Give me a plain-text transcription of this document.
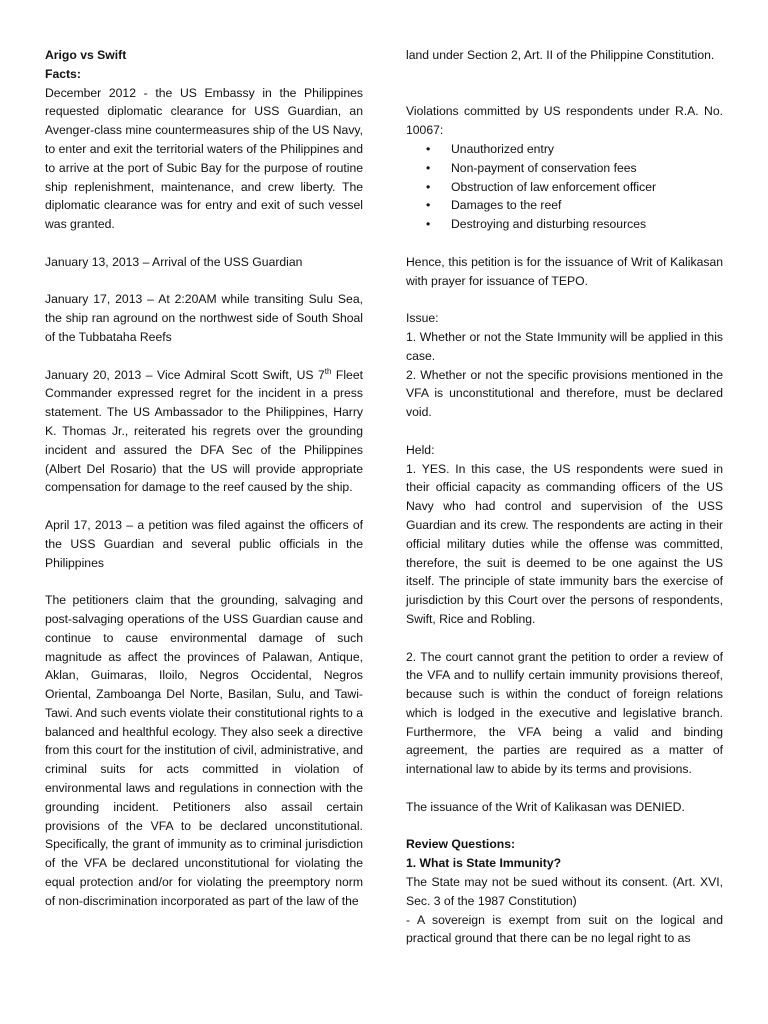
Arigo vs Swift

Facts:

December 2012 - the US Embassy in the Philippines requested diplomatic clearance for USS Guardian, an Avenger-class mine countermeasures ship of the US Navy, to enter and exit the territorial waters of the Philippines and to arrive at the port of Subic Bay for the purpose of routine ship replenishment, maintenance, and crew liberty. The diplomatic clearance was for entry and exit of such vessel was granted.

January 13, 2013 – Arrival of the USS Guardian

January 17, 2013 – At 2:20AM while transiting Sulu Sea, the ship ran aground on the northwest side of South Shoal of the Tubbataha Reefs

January 20, 2013 – Vice Admiral Scott Swift, US 7th Fleet Commander expressed regret for the incident in a press statement. The US Ambassador to the Philippines, Harry K. Thomas Jr., reiterated his regrets over the grounding incident and assured the DFA Sec of the Philippines (Albert Del Rosario) that the US will provide appropriate compensation for damage to the reef caused by the ship.

April 17, 2013 – a petition was filed against the officers of the USS Guardian and several public officials in the Philippines

The petitioners claim that the grounding, salvaging and post-salvaging operations of the USS Guardian cause and continue to cause environmental damage of such magnitude as affect the provinces of Palawan, Antique, Aklan, Guimaras, Iloilo, Negros Occidental, Negros Oriental, Zamboanga Del Norte, Basilan, Sulu, and Tawi-Tawi. And such events violate their constitutional rights to a balanced and healthful ecology. They also seek a directive from this court for the institution of civil, administrative, and criminal suits for acts committed in violation of environmental laws and regulations in connection with the grounding incident. Petitioners also assail certain provisions of the VFA to be declared unconstitutional. Specifically, the grant of immunity as to criminal jurisdiction of the VFA be declared unconstitutional for violating the equal protection and/or for violating the preemptory norm of non-discrimination incorporated as part of the law of the

land under Section 2, Art. II of the Philippine Constitution.

Violations committed by US respondents under R.A. No. 10067:

• Unauthorized entry
• Non-payment of conservation fees
• Obstruction of law enforcement officer
• Damages to the reef
• Destroying and disturbing resources

Hence, this petition is for the issuance of Writ of Kalikasan with prayer for issuance of TEPO.

Issue:

1. Whether or not the State Immunity will be applied in this case.

2. Whether or not the specific provisions mentioned in the VFA is unconstitutional and therefore, must be declared void.

Held:

1. YES. In this case, the US respondents were sued in their official capacity as commanding officers of the US Navy who had control and supervision of the USS Guardian and its crew. The respondents are acting in their official military duties while the offense was committed, therefore, the suit is deemed to be one against the US itself. The principle of state immunity bars the exercise of jurisdiction by this Court over the persons of respondents, Swift, Rice and Robling.

2. The court cannot grant the petition to order a review of the VFA and to nullify certain immunity provisions thereof, because such is within the conduct of foreign relations which is lodged in the executive and legislative branch. Furthermore, the VFA being a valid and binding agreement, the parties are required as a matter of international law to abide by its terms and provisions.

The issuance of the Writ of Kalikasan was DENIED.

Review Questions:

1. What is State Immunity?

The State may not be sued without its consent. (Art. XVI, Sec. 3 of the 1987 Constitution)

- A sovereign is exempt from suit on the logical and practical ground that there can be no legal right to as
